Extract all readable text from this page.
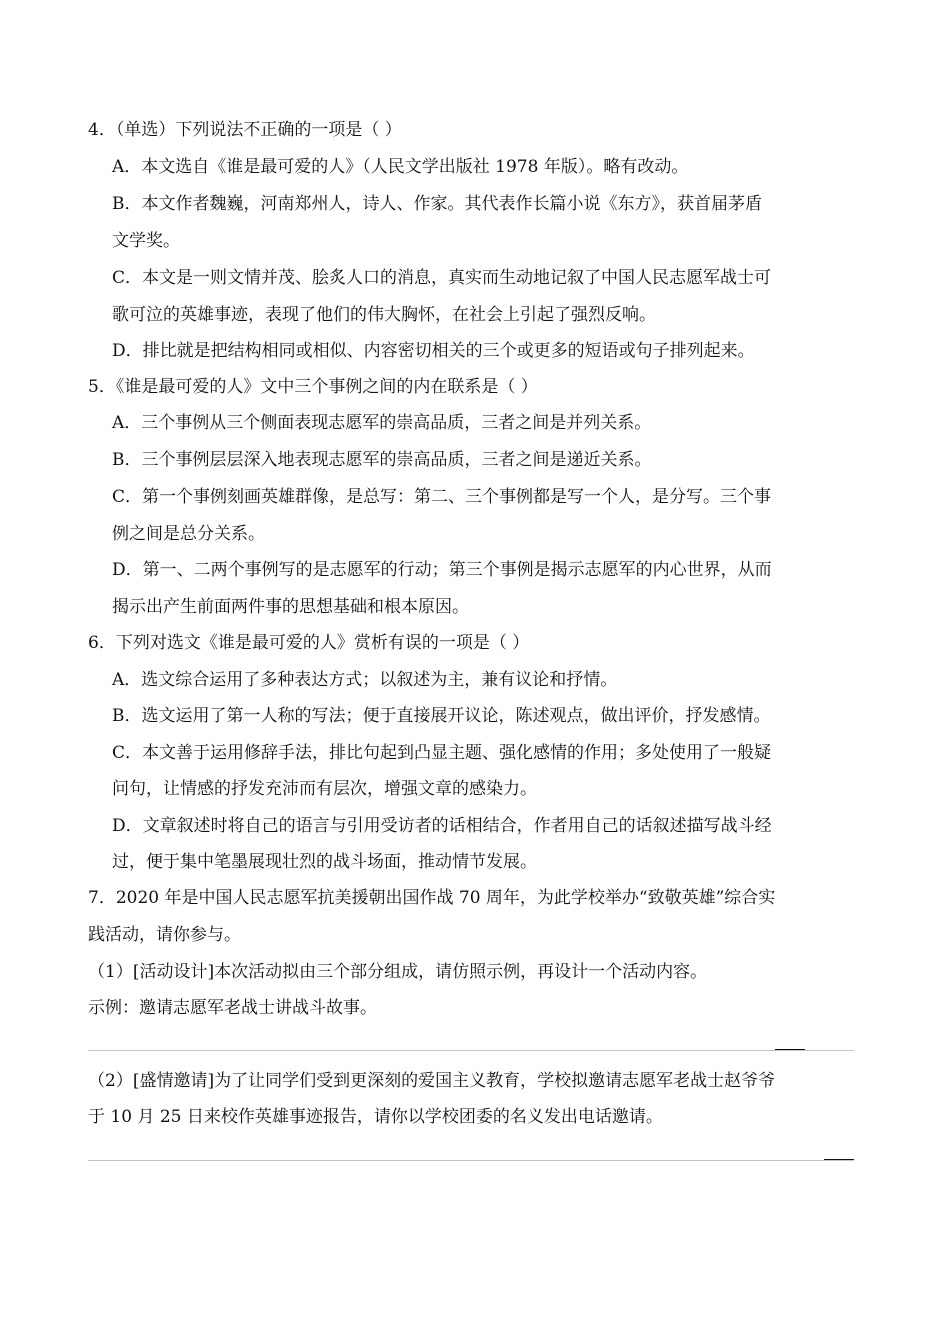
4．（单选）下列说法不正确的一项是（ ）
A．本文选自《谁是最可爱的人》（人民文学出版社 1978 年版）。略有改动。
B．本文作者魏巍，河南郑州人，诗人、作家。其代表作长篇小说《东方》，获首届茅盾
文学奖。
C．本文是一则文情并茂、脍炙人口的消息，真实而生动地记叙了中国人民志愿军战士可
歌可泣的英雄事迹，表现了他们的伟大胸怀，在社会上引起了强烈反响。
D．排比就是把结构相同或相似、内容密切相关的三个或更多的短语或句子排列起来。
5．《谁是最可爱的人》文中三个事例之间的内在联系是（ ）
A．三个事例从三个侧面表现志愿军的崇高品质，三者之间是并列关系。
B．三个事例层层深入地表现志愿军的崇高品质，三者之间是递近关系。
C．第一个事例刻画英雄群像，是总写：第二、三个事例都是写一个人，是分写。三个事
例之间是总分关系。
D．第一、二两个事例写的是志愿军的行动；第三个事例是揭示志愿军的内心世界，从而
揭示出产生前面两件事的思想基础和根本原因。
6．下列对选文《谁是最可爱的人》赏析有误的一项是（ ）
A．选文综合运用了多种表达方式；以叙述为主，兼有议论和抒情。
B．选文运用了第一人称的写法；便于直接展开议论，陈述观点，做出评价，抒发感情。
C．本文善于运用修辞手法，排比句起到凸显主题、强化感情的作用；多处使用了一般疑
问句，让情感的抒发充沛而有层次，增强文章的感染力。
D．文章叙述时将自己的语言与引用受访者的话相结合，作者用自己的话叙述描写战斗经
过，便于集中笔墨展现壮烈的战斗场面，推动情节发展。
7．2020 年是中国人民志愿军抗美援朝出国作战 70 周年，为此学校举办“致敬英雄”综合实
践活动，请你参与。
（1）[活动设计]本次活动拟由三个部分组成，请仿照示例，再设计一个活动内容。
示例：邀请志愿军老战士讲战斗故事。
（2）[盛情邀请]为了让同学们受到更深刻的爱国主义教育，学校拟邀请志愿军老战士赵爷爷
于 10 月 25 日来校作英雄事迹报告，请你以学校团委的名义发出电话邀请。
